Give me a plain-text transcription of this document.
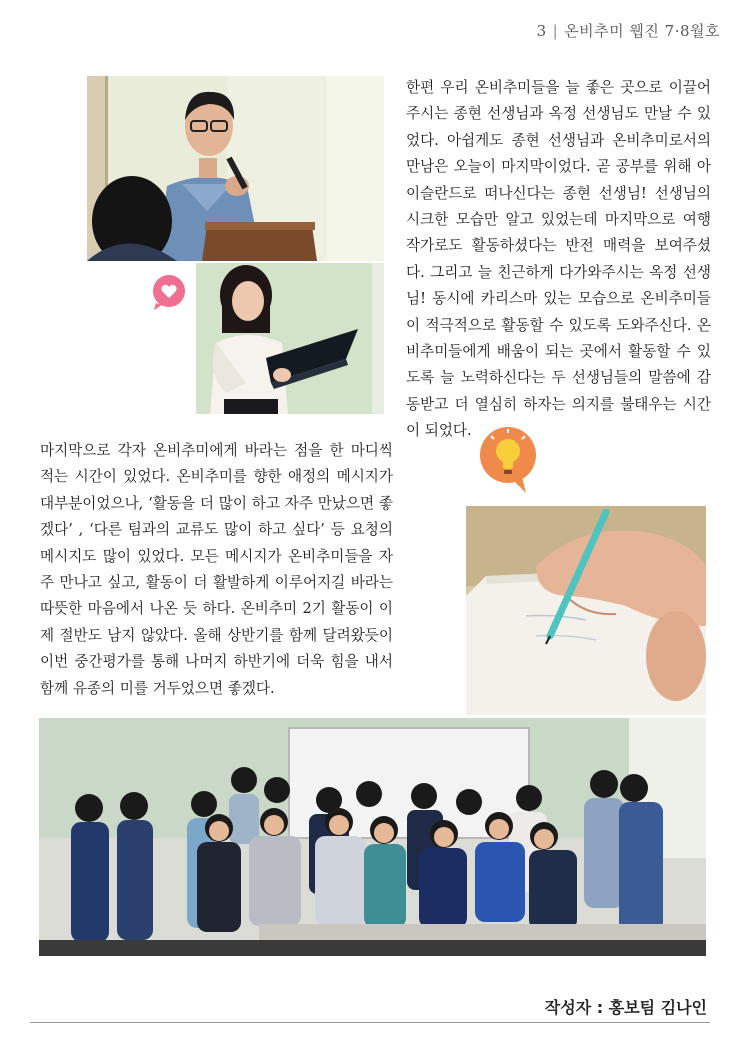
3 | 온비추미 웹진 7·8월호

한편 우리 온비추미들을 늘 좋은 곳으로 이끌어주시는 종현 선생님과 옥정 선생님도 만날 수 있었다. 아쉽게도 종현 선생님과 온비추미로서의 만남은 오늘이 마지막이었다. 곧 공부를 위해 아이슬란드로 떠나신다는 종현 선생님! 선생님의 시크한 모습만 알고 있었는데 마지막으로 여행 작가로도 활동하셨다는 반전 매력을 보여주셨다. 그리고 늘 친근하게 다가와주시는 옥정 선생님! 동시에 카리스마 있는 모습으로 온비추미들이 적극적으로 활동할 수 있도록 도와주신다. 온비추미들에게 배움이 되는 곳에서 활동할 수 있도록 늘 노력하신다는 두 선생님들의 말씀에 감동받고 더 열심히 하자는 의지를 불태우는 시간이 되었다.

마지막으로 각자 온비추미에게 바라는 점을 한 마디씩 적는 시간이 있었다. 온비추미를 향한 애정의 메시지가 대부분이었으나, ‘활동을 더 많이 하고 자주 만났으면 좋겠다’ , ‘다른 팀과의 교류도 많이 하고 싶다’ 등 요청의 메시지도 많이 있었다. 모든 메시지가 온비추미들을 자주 만나고 싶고, 활동이 더 활발하게 이루어지길 바라는 따뜻한 마음에서 나온 듯 하다. 온비추미 2기 활동이 이제 절반도 남지 않았다. 올해 상반기를 함께 달려왔듯이 이번 중간평가를 통해 나머지 하반기에 더욱 힘을 내서 함께 유종의 미를 거두었으면 좋겠다.

작성자 : 홍보팀 김나인
